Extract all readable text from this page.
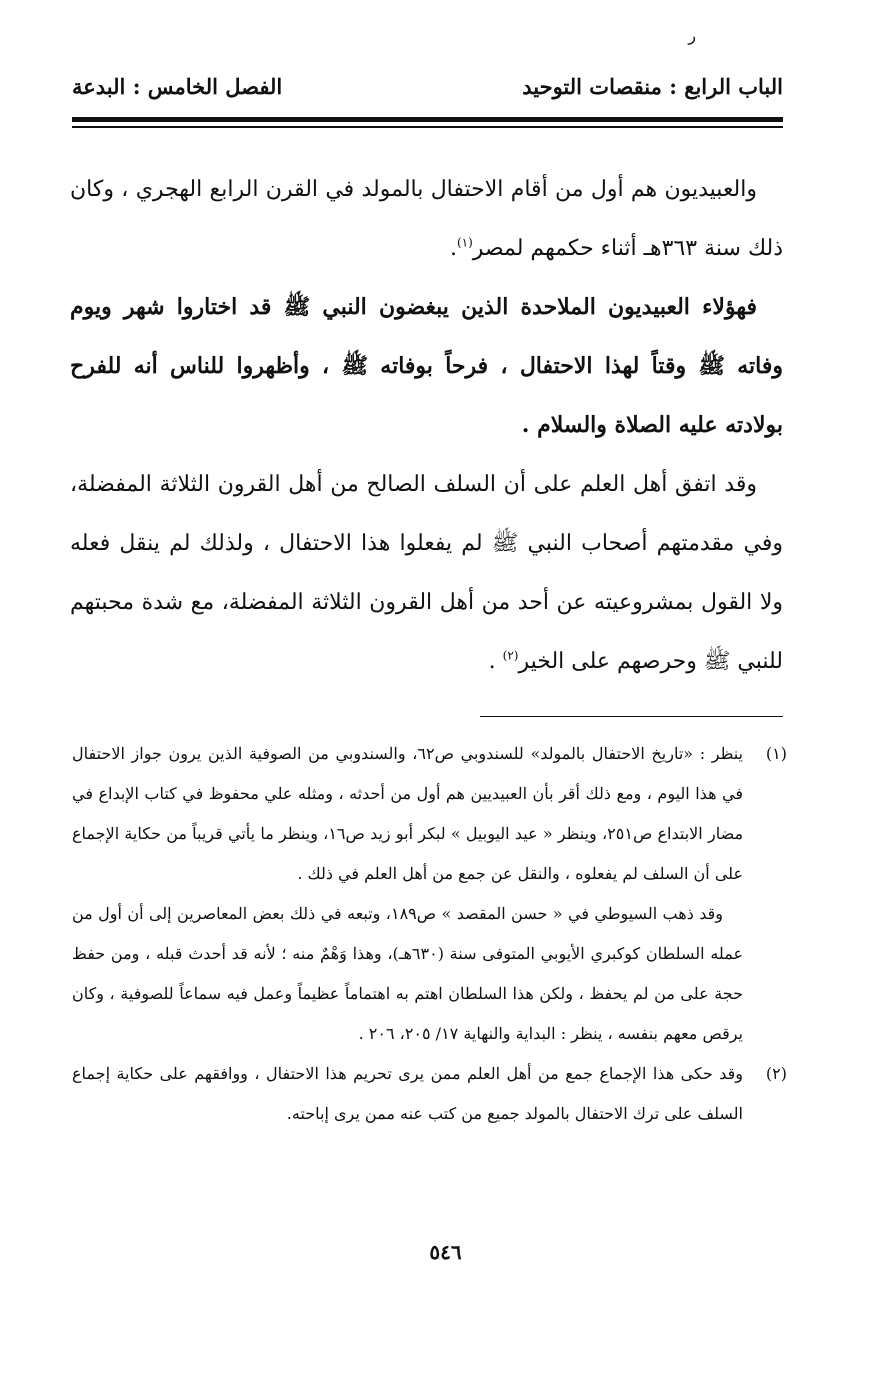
ر
الباب الرابع : منقصات التوحيد
الفصل الخامس : البدعة

والعبيديون هم أول من أقام الاحتفال بالمولد في القرن الرابع الهجري ، وكان ذلك سنة ٣٦٣هـ أثناء حكمهم لمصر$^{(١)}$.

فهؤلاء العبيديون الملاحدة الذين يبغضون النبي ﷺ قد اختاروا شهر ويوم وفاته ﷺ وقتاً لهذا الاحتفال ، فرحاً بوفاته ﷺ ، وأظهروا للناس أنه للفرح بولادته عليه الصلاة والسلام .

وقد اتفق أهل العلم على أن السلف الصالح من أهل القرون الثلاثة المفضلة، وفي مقدمتهم أصحاب النبي ﷺ لم يفعلوا هذا الاحتفال ، ولذلك لم ينقل فعله ولا القول بمشروعيته عن أحد من أهل القرون الثلاثة المفضلة، مع شدة محبتهم للنبي ﷺ وحرصهم على الخير$^{(٢)}$ .

(١)

ينظر : «تاريخ الاحتفال بالمولد» للسندوبي ص٦٢، والسندوبي من الصوفية الذين يرون جواز الاحتفال في هذا اليوم ، ومع ذلك أقر بأن العبيديين هم أول من أحدثه ، ومثله علي محفوظ في كتاب الإبداع في مضار الابتداع ص٢٥١، وينظر « عيد اليوبيل » لبكر أبو زيد ص١٦، وينظر ما يأتي قريباً من حكاية الإجماع على أن السلف لم يفعلوه ، والنقل عن جمع من أهل العلم في ذلك .

وقد ذهب السيوطي في « حسن المقصد » ص١٨٩، وتبعه في ذلك بعض المعاصرين إلى أن أول من عمله السلطان كوكبري الأيوبي المتوفى سنة (٦٣٠هـ)، وهذا وَهْمٌ منه ؛ لأنه قد أحدث قبله ، ومن حفظ حجة على من لم يحفظ ، ولكن هذا السلطان اهتم به اهتماماً عظيماً وعمل فيه سماعاً للصوفية ، وكان يرقص معهم بنفسه ، ينظر : البداية والنهاية ١٧/ ٢٠٥، ٢٠٦ .

(٢)

وقد حكى هذا الإجماع جمع من أهل العلم ممن يرى تحريم هذا الاحتفال ، ووافقهم على حكاية إجماع السلف على ترك الاحتفال بالمولد جميع من كتب عنه ممن يرى إباحته.

٥٤٦
